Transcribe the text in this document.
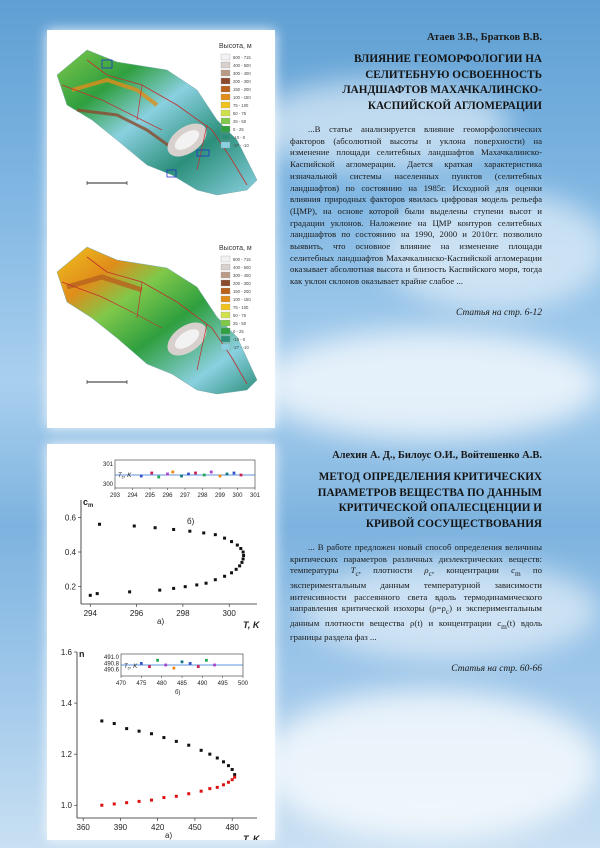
Высота, м
500 - 715
400 - 500
300 - 400
200 - 300
150 - 200
100 - 150
75 - 100
50 - 75
25 - 50
0 - 25
-10 - 0
-27 - -10
Высота, м
500 - 715
400 - 500
300 - 400
200 - 300
150 - 200
100 - 150
75 - 100
50 - 75
25 - 50
0 - 25
-10 - 0
-27 - -10
Атаев З.В., Братков В.В.
ВЛИЯНИЕ ГЕОМОРФОЛОГИИ НА СЕЛИТЕБНУЮ ОСВОЕННОСТЬ ЛАНДШАФТОВ МАХАЧКАЛИНСКО-КАСПИЙСКОЙ АГЛОМЕРАЦИИ
...В статье анализируется влияние геоморфологических факторов (абсолютной высоты и уклона поверхности) на изменение площади селитебных ландшафтов Махачкалинско-Каспийской агломерации. Дается краткая характеристика изначальной системы населенных пунктов (селитебных ландшафтов) по состоянию на 1985г. Исходной для оценки влияния природных факторов явилась цифровая модель рельефа (ЦМР), на основе которой были выделены ступени высот и градации уклонов. Наложение на ЦМР контуров селитебных ландшафтов по состоянию на 1990, 2000 и 2010гг. позволило выявить, что основное влияние на изменение площади селитебных ландшафтов Махачкалинско-Каспийской агломерации оказывает абсолютная высота и близость Каспийского моря, тогда как уклон склонов оказывает крайне слабое ...
Статья на стр. 6-12
294	296	298	300
0.2
0.4
0.6
$c_m$
T, K
а)
293 294 295 296 297 298 299 300 301
301
300
$T_c$, K
б)
360	390	420	450	480
1.0
1.2
1.4
1.6 n
T, K
а)
470 475 480 485 490 495 500
491.0
490.8
490.6
$T_c$, K
б)
Алехин А. Д., Билоус О.И., Войтешенко А.В.
МЕТОД ОПРЕДЕЛЕНИЯ КРИТИЧЕСКИХ ПАРАМЕТРОВ ВЕЩЕСТВА ПО ДАННЫМ КРИТИЧЕСКОЙ ОПАЛЕСЦЕНЦИИ И КРИВОЙ СОСУЩЕСТВОВАНИЯ
... В работе предложен новый способ определения величины критических параметров различных диэлектрических веществ: температуры $T_c$, плотности $\rho_c$, концентрации $c_m$ по экспериментальным данным температурной зависимости интенсивности рассеянного света вдоль термодинамического направления критической изохоры $(\rho=\rho_c)$ и экспериментальным данным плотности вещества ρ(t) и концентрации $c_m(t)$ вдоль границы раздела фаз ...
Статья на стр. 60-66
